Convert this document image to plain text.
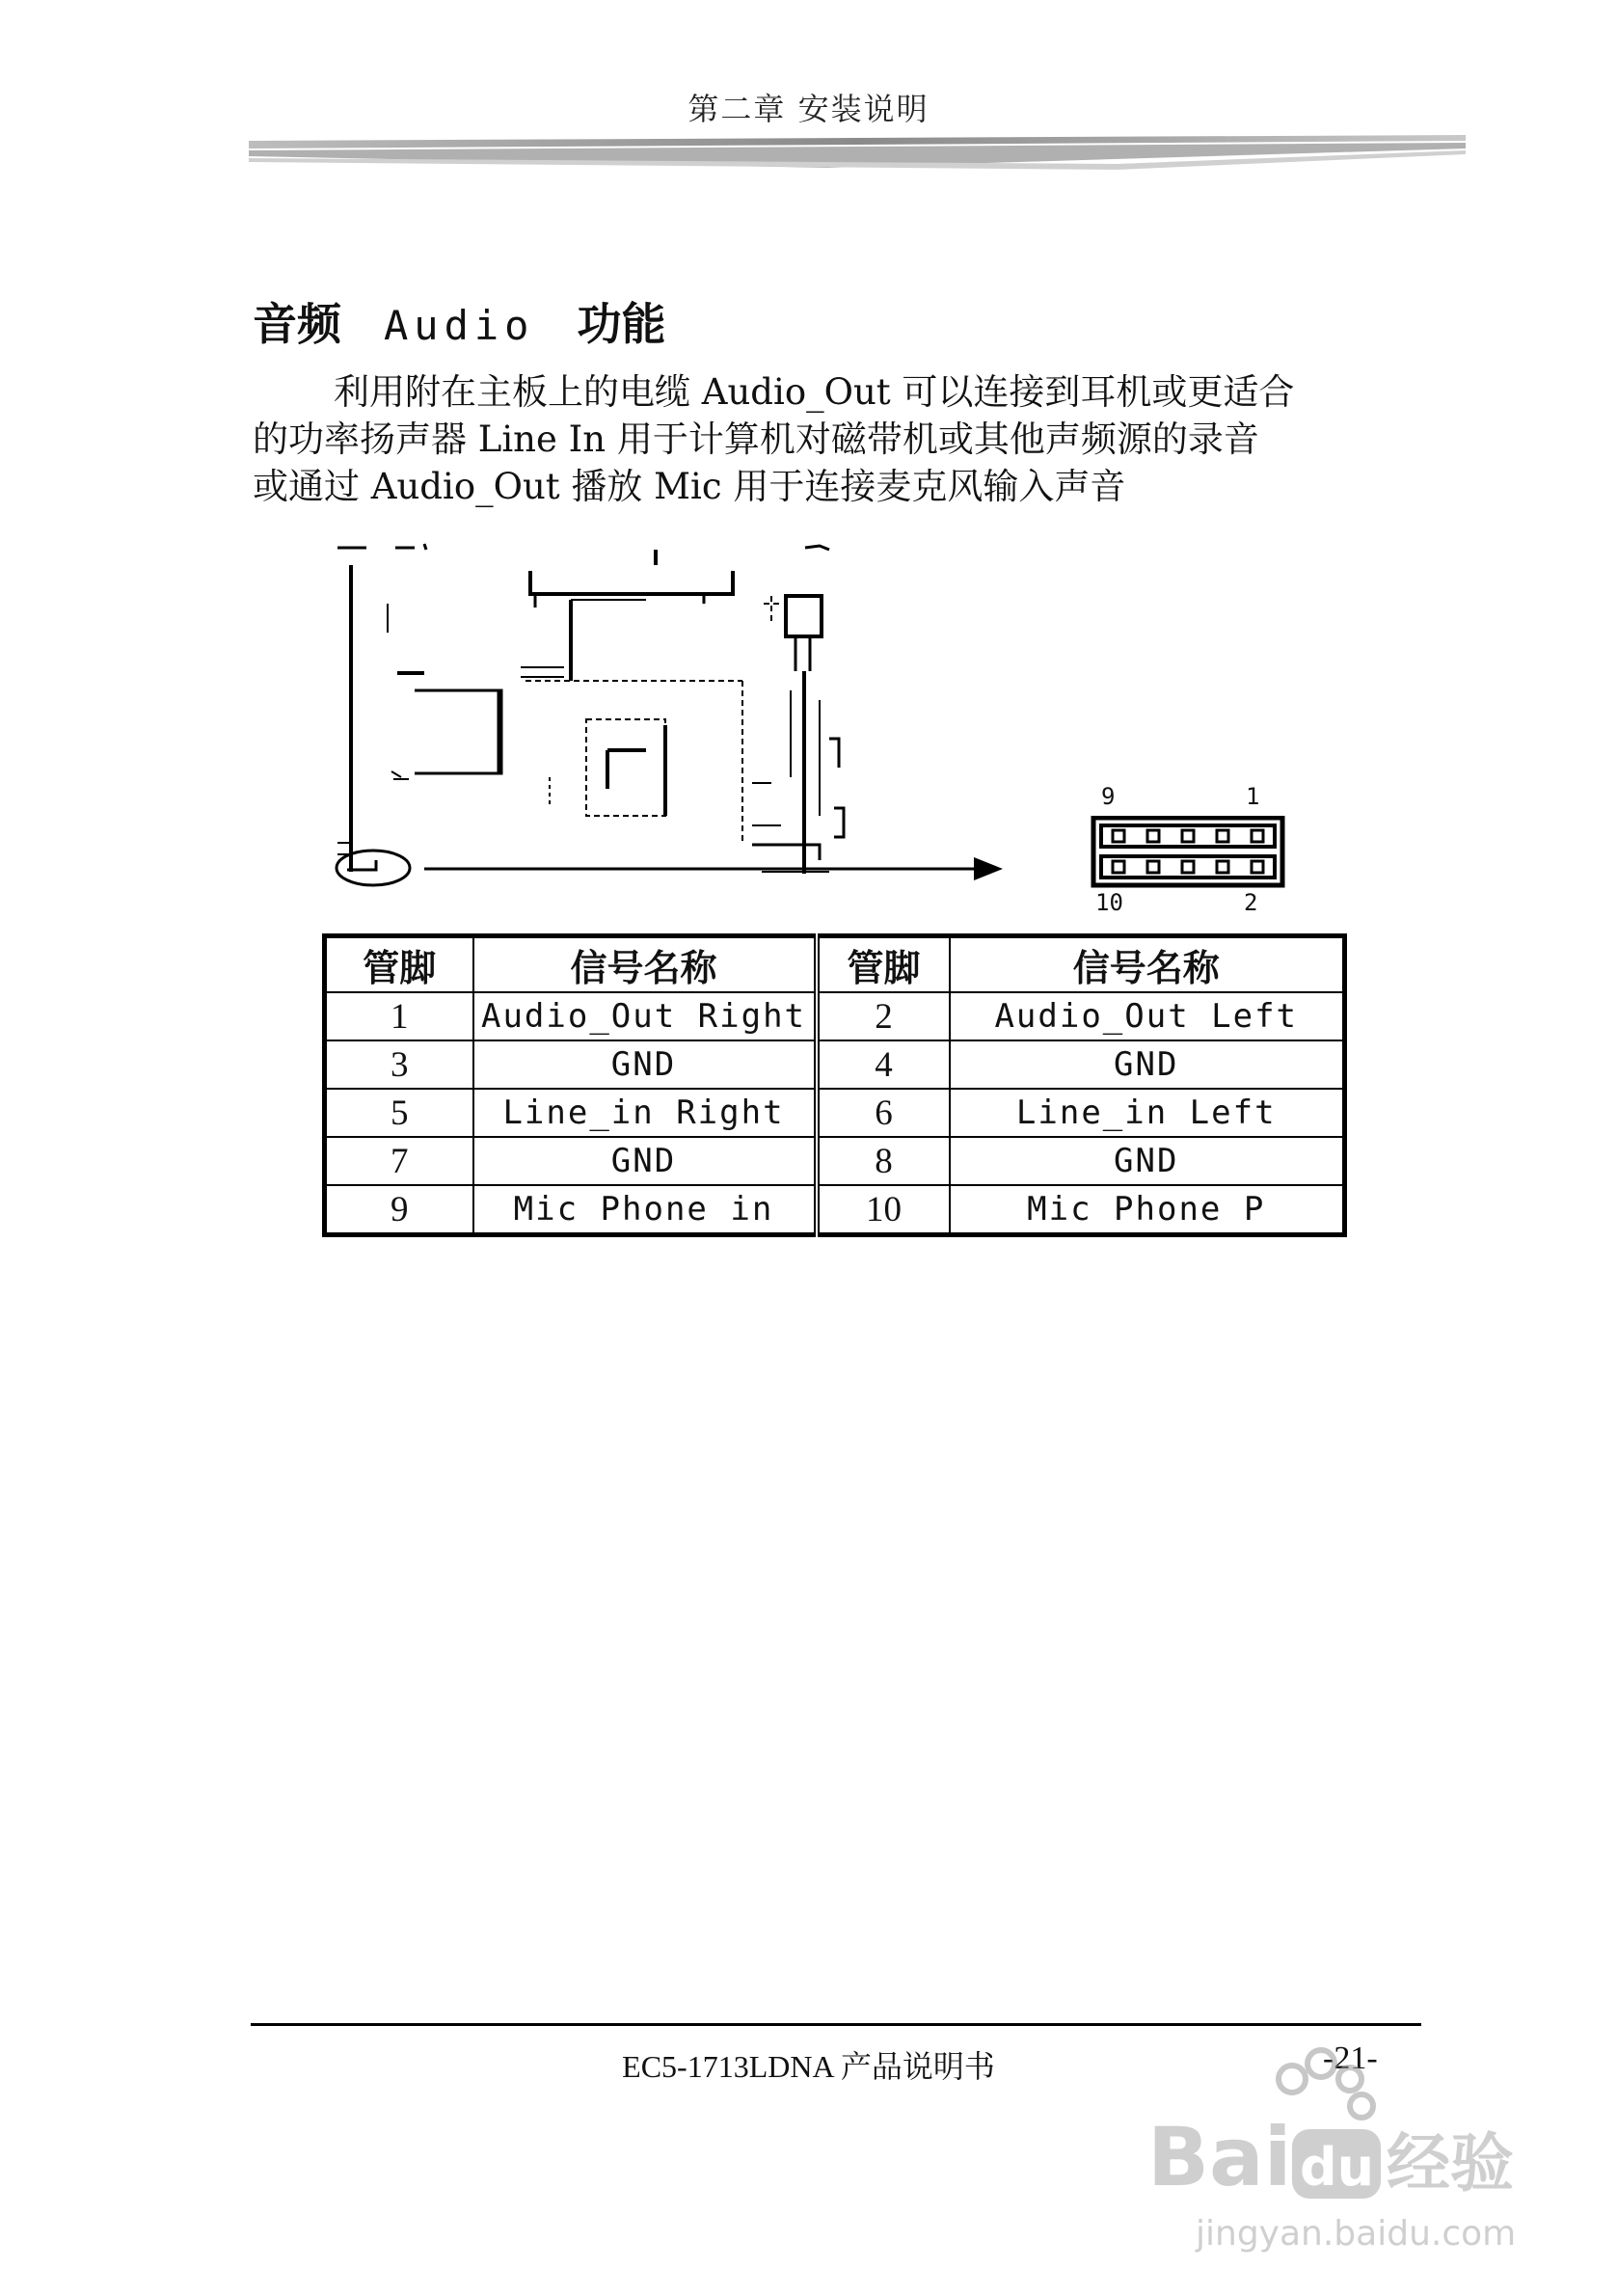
第二章 安装说明
音频 Audio 功能

利用附在主板上的电缆 Audio_Out 可以连接到耳机或更适合

的功率扬声器 Line In 用于计算机对磁带机或其他声频源的录音

或通过 Audio_Out 播放 Mic 用于连接麦克风输入声音

9	1
10	2
管脚	信号名称	管脚	信号名称
1	Audio_Out Right	2	Audio_Out Left
3	GND	4	GND
5	Line_in Right	6	Line_in Left
7	GND	8	GND
9	Mic Phone in	10	Mic Phone P
EC5-1713LDNA 产品说明书	-21-
Bai du 经验
jingyan.baidu.com
